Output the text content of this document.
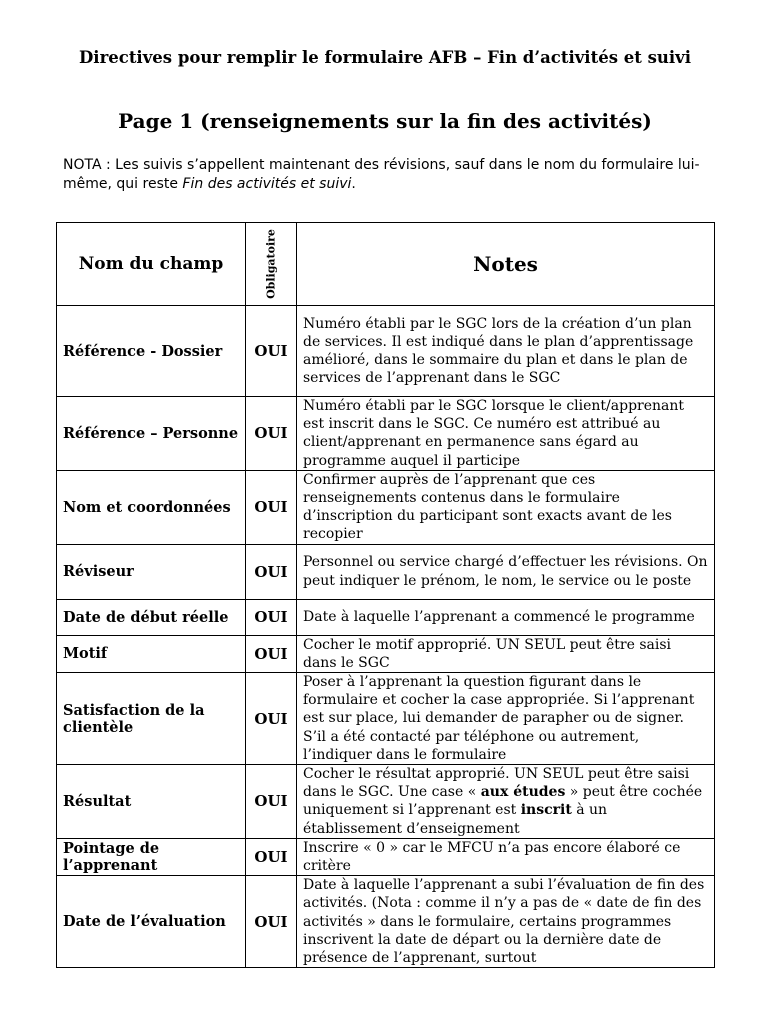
Directives pour remplir le formulaire AFB – Fin d’activités et suivi
Page 1 (renseignements sur la fin des activités)
NOTA : Les suivis s’appellent maintenant des révisions, sauf dans le nom du formulaire lui-même, qui reste Fin des activités et suivi.
Nom du champ	Obligatoire	Notes
Référence - Dossier	OUI	Numéro établi par le SGC lors de la création d’un plan de services. Il est indiqué dans le plan d’apprentissage amélioré, dans le sommaire du plan et dans le plan de services de l’apprenant dans le SGC
Référence – Personne	OUI	Numéro établi par le SGC lorsque le client/apprenant est inscrit dans le SGC. Ce numéro est attribué au client/apprenant en permanence sans égard au programme auquel il participe
Nom et coordonnées	OUI	Confirmer auprès de l’apprenant que ces renseignements contenus dans le formulaire d’inscription du participant sont exacts avant de les recopier
Réviseur	OUI	Personnel ou service chargé d’effectuer les révisions. On peut indiquer le prénom, le nom, le service ou le poste
Date de début réelle	OUI	Date à laquelle l’apprenant a commencé le programme
Motif	OUI	Cocher le motif approprié. UN SEUL peut être saisi dans le SGC
Satisfaction de la clientèle	OUI	Poser à l’apprenant la question figurant dans le formulaire et cocher la case appropriée. Si l’apprenant est sur place, lui demander de parapher ou de signer. S’il a été contacté par téléphone ou autrement, l’indiquer dans le formulaire
Résultat	OUI	Cocher le résultat approprié. UN SEUL peut être saisi dans le SGC. Une case « aux études » peut être cochée uniquement si l’apprenant est inscrit à un établissement d’enseignement
Pointage de l’apprenant	OUI	Inscrire « 0 » car le MFCU n’a pas encore élaboré ce critère
Date de l’évaluation	OUI	Date à laquelle l’apprenant a subi l’évaluation de fin des activités. (Nota : comme il n’y a pas de « date de fin des activités » dans le formulaire, certains programmes inscrivent la date de départ ou la dernière date de présence de l’apprenant, surtout
